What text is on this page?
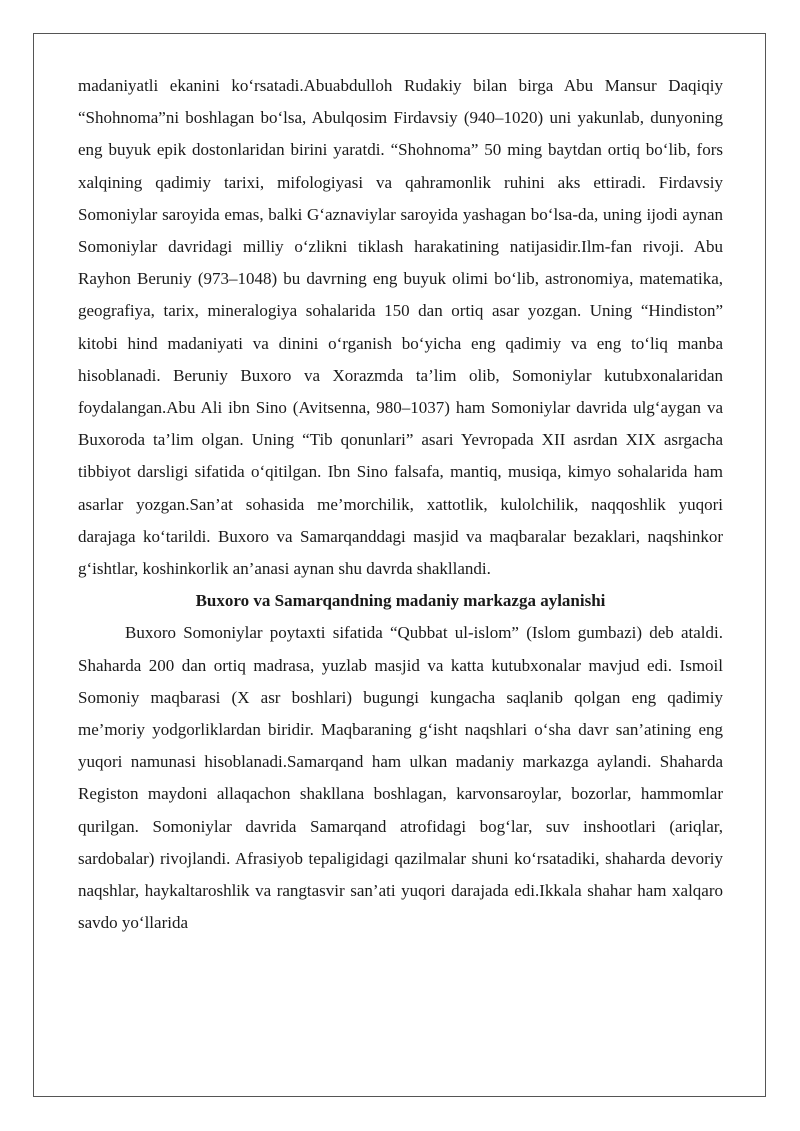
madaniyatli ekanini ko‘rsatadi.Abuabdulloh Rudakiy bilan birga Abu Mansur Daqiqiy “Shohnoma”ni boshlagan bo‘lsa, Abulqosim Firdavsiy (940–1020) uni yakunlab, dunyoning eng buyuk epik dostonlaridan birini yaratdi. “Shohnoma” 50 ming baytdan ortiq bo‘lib, fors xalqining qadimiy tarixi, mifologiyasi va qahramonlik ruhini aks ettiradi. Firdavsiy Somoniylar saroyida emas, balki G‘aznaviylar saroyida yashagan bo‘lsa-da, uning ijodi aynan Somoniylar davridagi milliy o‘zlikni tiklash harakatining natijasidir.Ilm-fan rivoji. Abu Rayhon Beruniy (973–1048) bu davrning eng buyuk olimi bo‘lib, astronomiya, matematika, geografiya, tarix, mineralogiya sohalarida 150 dan ortiq asar yozgan. Uning “Hindiston” kitobi hind madaniyati va dinini o‘rganish bo‘yicha eng qadimiy va eng to‘liq manba hisoblanadi. Beruniy Buxoro va Xorazmda ta’lim olib, Somoniylar kutubxonalaridan foydalangan.Abu Ali ibn Sino (Avitsenna, 980–1037) ham Somoniylar davrida ulg‘aygan va Buxoroda ta’lim olgan. Uning “Tib qonunlari” asari Yevropada XII asrdan XIX asrgacha tibbiyot darsligi sifatida o‘qitilgan. Ibn Sino falsafa, mantiq, musiqa, kimyo sohalarida ham asarlar yozgan.San’at sohasida me’morchilik, xattotlik, kulolchilik, naqqoshlik yuqori darajaga ko‘tarildi. Buxoro va Samarqanddagi masjid va maqbaralar bezaklari, naqshinkor g‘ishtlar, koshinkorlik an’anasi aynan shu davrda shakllandi.

Buxoro va Samarqandning madaniy markazga aylanishi

Buxoro Somoniylar poytaxti sifatida “Qubbat ul-islom” (Islom gumbazi) deb ataldi. Shaharda 200 dan ortiq madrasa, yuzlab masjid va katta kutubxonalar mavjud edi. Ismoil Somoniy maqbarasi (X asr boshlari) bugungi kungacha saqlanib qolgan eng qadimiy me’moriy yodgorliklardan biridir. Maqbaraning g‘isht naqshlari o‘sha davr san’atining eng yuqori namunasi hisoblanadi.Samarqand ham ulkan madaniy markazga aylandi. Shaharda Registon maydoni allaqachon shakllana boshlagan, karvonsaroylar, bozorlar, hammomlar qurilgan. Somoniylar davrida Samarqand atrofidagi bog‘lar, suv inshootlari (ariqlar, sardobalar) rivojlandi. Afrasiyob tepaligidagi qazilmalar shuni ko‘rsatadiki, shaharda devoriy naqshlar, haykaltaroshlik va rangtasvir san’ati yuqori darajada edi.Ikkala shahar ham xalqaro savdo yo‘llarida
